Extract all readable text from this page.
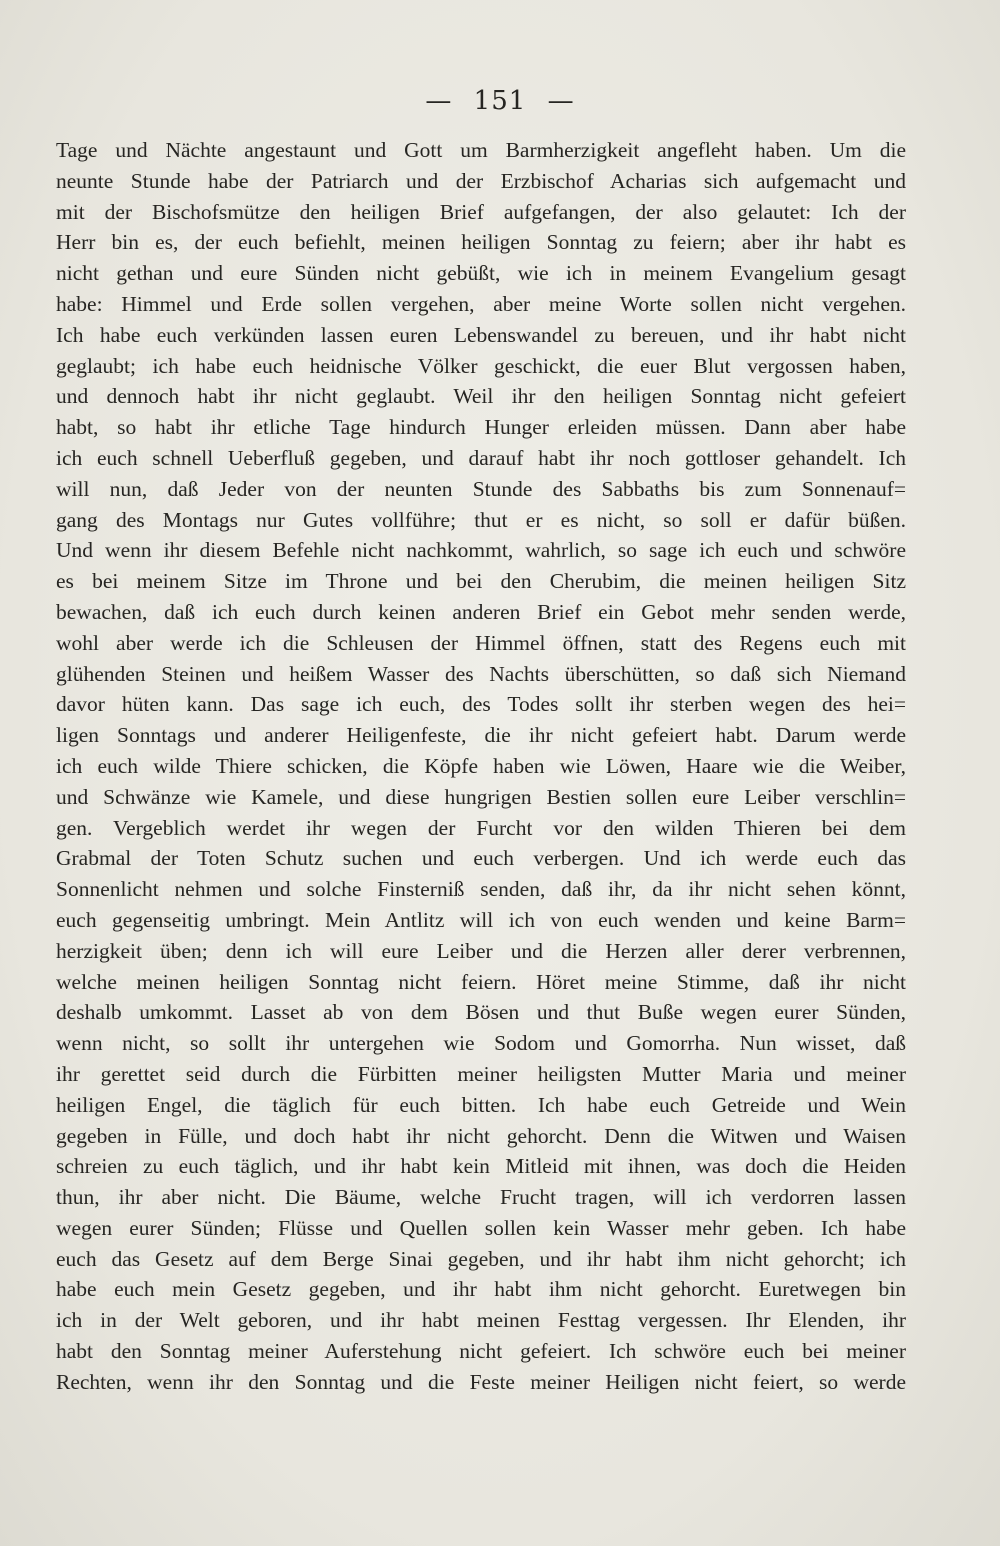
— 151 —
Tage und Nächte angestaunt und Gott um Barmherzigkeit angefleht haben. Um die
neunte Stunde habe der Patriarch und der Erzbischof Acharias sich aufgemacht und
mit der Bischofsmütze den heiligen Brief aufgefangen, der also gelautet: Ich der
Herr bin es, der euch befiehlt, meinen heiligen Sonntag zu feiern; aber ihr habt es
nicht gethan und eure Sünden nicht gebüßt, wie ich in meinem Evangelium gesagt
habe: Himmel und Erde sollen vergehen, aber meine Worte sollen nicht vergehen.
Ich habe euch verkünden lassen euren Lebenswandel zu bereuen, und ihr habt nicht
geglaubt; ich habe euch heidnische Völker geschickt, die euer Blut vergossen haben,
und dennoch habt ihr nicht geglaubt. Weil ihr den heiligen Sonntag nicht gefeiert
habt, so habt ihr etliche Tage hindurch Hunger erleiden müssen. Dann aber habe
ich euch schnell Ueberfluß gegeben, und darauf habt ihr noch gottloser gehandelt. Ich
will nun, daß Jeder von der neunten Stunde des Sabbaths bis zum Sonnenauf=
gang des Montags nur Gutes vollführe; thut er es nicht, so soll er dafür büßen.
Und wenn ihr diesem Befehle nicht nachkommt, wahrlich, so sage ich euch und schwöre
es bei meinem Sitze im Throne und bei den Cherubim, die meinen heiligen Sitz
bewachen, daß ich euch durch keinen anderen Brief ein Gebot mehr senden werde,
wohl aber werde ich die Schleusen der Himmel öffnen, statt des Regens euch mit
glühenden Steinen und heißem Wasser des Nachts überschütten, so daß sich Niemand
davor hüten kann. Das sage ich euch, des Todes sollt ihr sterben wegen des hei=
ligen Sonntags und anderer Heiligenfeste, die ihr nicht gefeiert habt. Darum werde
ich euch wilde Thiere schicken, die Köpfe haben wie Löwen, Haare wie die Weiber,
und Schwänze wie Kamele, und diese hungrigen Bestien sollen eure Leiber verschlin=
gen. Vergeblich werdet ihr wegen der Furcht vor den wilden Thieren bei dem
Grabmal der Toten Schutz suchen und euch verbergen. Und ich werde euch das
Sonnenlicht nehmen und solche Finsterniß senden, daß ihr, da ihr nicht sehen könnt,
euch gegenseitig umbringt. Mein Antlitz will ich von euch wenden und keine Barm=
herzigkeit üben; denn ich will eure Leiber und die Herzen aller derer verbrennen,
welche meinen heiligen Sonntag nicht feiern. Höret meine Stimme, daß ihr nicht
deshalb umkommt. Lasset ab von dem Bösen und thut Buße wegen eurer Sünden,
wenn nicht, so sollt ihr untergehen wie Sodom und Gomorrha. Nun wisset, daß
ihr gerettet seid durch die Fürbitten meiner heiligsten Mutter Maria und meiner
heiligen Engel, die täglich für euch bitten. Ich habe euch Getreide und Wein
gegeben in Fülle, und doch habt ihr nicht gehorcht. Denn die Witwen und Waisen
schreien zu euch täglich, und ihr habt kein Mitleid mit ihnen, was doch die Heiden
thun, ihr aber nicht. Die Bäume, welche Frucht tragen, will ich verdorren lassen
wegen eurer Sünden; Flüsse und Quellen sollen kein Wasser mehr geben. Ich habe
euch das Gesetz auf dem Berge Sinai gegeben, und ihr habt ihm nicht gehorcht; ich
habe euch mein Gesetz gegeben, und ihr habt ihm nicht gehorcht. Euretwegen bin
ich in der Welt geboren, und ihr habt meinen Festtag vergessen. Ihr Elenden, ihr
habt den Sonntag meiner Auferstehung nicht gefeiert. Ich schwöre euch bei meiner
Rechten, wenn ihr den Sonntag und die Feste meiner Heiligen nicht feiert, so werde
